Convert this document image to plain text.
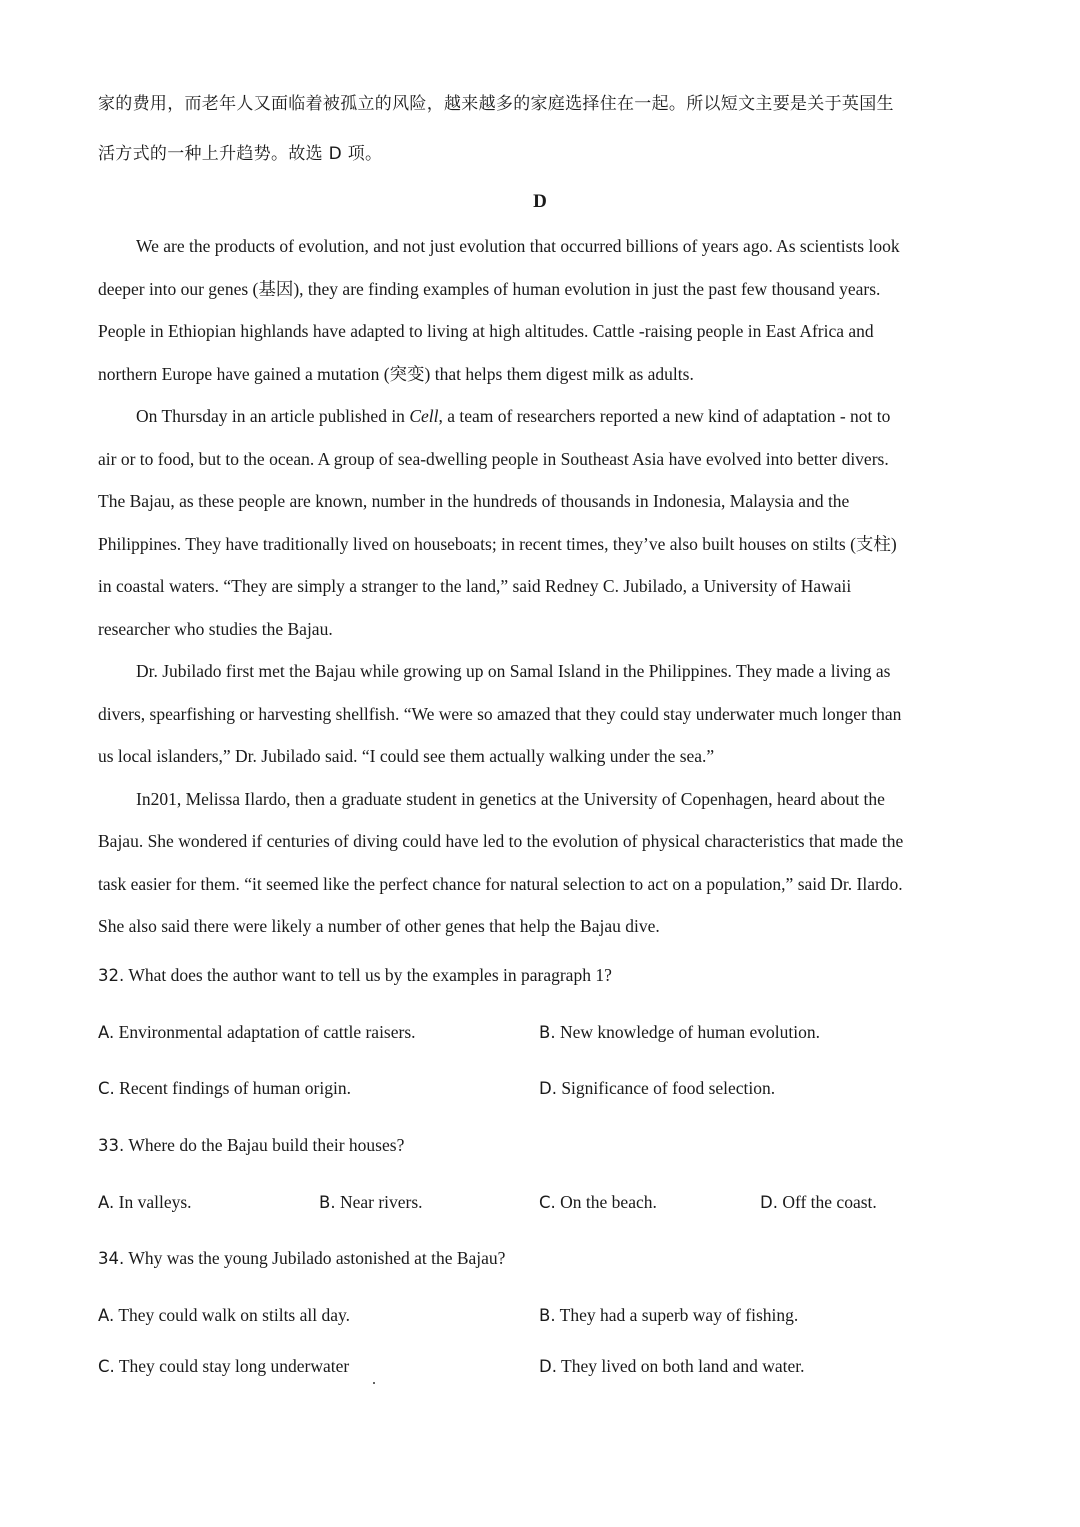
家的费用，而老年人又面临着被孤立的风险，越来越多的家庭选择住在一起。所以短文主要是关于英国生
活方式的一种上升趋势。故选 D 项。
D
We are the products of evolution, and not just evolution that occurred billions of years ago. As scientists look
deeper into our genes (基因), they are finding examples of human evolution in just the past few thousand years.
People in Ethiopian highlands have adapted to living at high altitudes. Cattle -raising people in East Africa and
northern Europe have gained a mutation (突变) that helps them digest milk as adults.
On Thursday in an article published in Cell, a team of researchers reported a new kind of adaptation - not to
air or to food, but to the ocean. A group of sea-dwelling people in Southeast Asia have evolved into better divers.
The Bajau, as these people are known, number in the hundreds of thousands in Indonesia, Malaysia and the
Philippines. They have traditionally lived on houseboats; in recent times, they’ve also built houses on stilts (支柱)
in coastal waters. “They are simply a stranger to the land,” said Redney C. Jubilado, a University of Hawaii
researcher who studies the Bajau.
Dr. Jubilado first met the Bajau while growing up on Samal Island in the Philippines. They made a living as
divers, spearfishing or harvesting shellfish. “We were so amazed that they could stay underwater much longer than
us local islanders,” Dr. Jubilado said. “I could see them actually walking under the sea.”
In201, Melissa Ilardo, then a graduate student in genetics at the University of Copenhagen, heard about the
Bajau. She wondered if centuries of diving could have led to the evolution of physical characteristics that made the
task easier for them. “it seemed like the perfect chance for natural selection to act on a population,” said Dr. Ilardo.
She also said there were likely a number of other genes that help the Bajau dive.
32. What does the author want to tell us by the examples in paragraph 1?
A. Environmental adaptation of cattle raisers.	B. New knowledge of human evolution.
C. Recent findings of human origin.	D. Significance of food selection.
33. Where do the Bajau build their houses?
A. In valleys.	B. Near rivers.	C. On the beach.	D. Off the coast.
34. Why was the young Jubilado astonished at the Bajau?
A. They could walk on stilts all day.	B. They had a superb way of fishing.
C. They could stay long underwater	D. They lived on both land and water.
